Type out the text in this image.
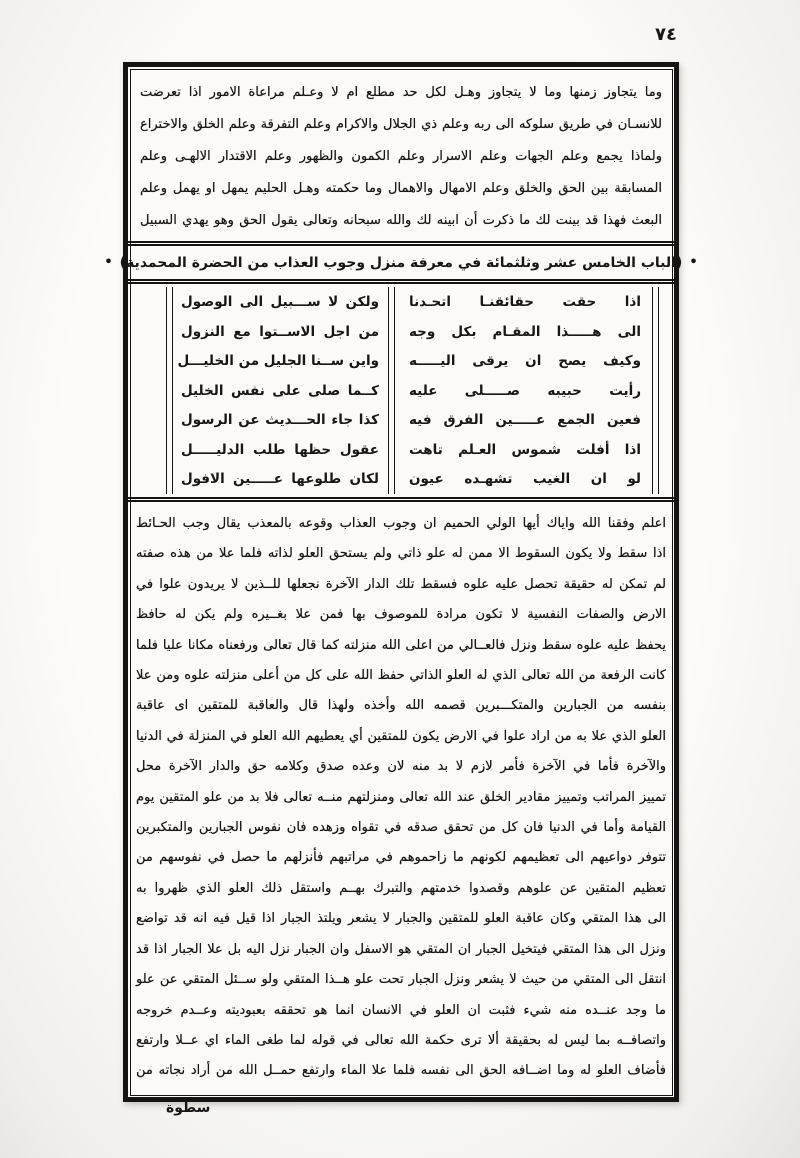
٧٤
وما يتجاوز زمنها وما لا يتجاوز وهـل لكل حد مطلع ام لا وعـلم مراعاة الامور اذا تعرضت
للانسـان في طريق سلوكه الى ربه وعلم ذي الجلال والاكرام وعلم التفرقة وعلم الخلق والاختراع
ولماذا يجمع وعلم الجهات وعلم الاسرار وعلم الكمون والظهور وعلم الاقتدار الالهـى وعلم
المسابقة بين الحق والخلق وعلم الامهال والاهمال وما حكمته وهـل الحليم يمهل او يهمل وعلم
البعث فهذا قد بينت لك ما ذكرت أن ابينه لك والله سبحانه وتعالى يقول الحق وهو يهدي السبيل
•
(الباب الخامس عشر وثلثمائة في معرفة منزل وجوب العذاب من الحضرة المحمدية)
•
اذا حقت حقائقنـا اتحـدنا
الى هـــــذا المقـام بكل وجه
وكيف يصح ان يرقى اليـــــه
رأيت حبيبه صـــــلى عليه
فعين الجمع عـــــين الفرق فيه
اذا أفلت شموس العـلم تاهت
لو ان الغيب تشهـده عيون
ولكن لا ســـبيل الى الوصول
من اجل الاســتوا مع النزول
واين ســنا الجليل من الخليـــل
كــما صلى على نفس الخليل
كذا جاء الحـــديث عن الرسول
عقول حظها طلب الدليـــــل
لكان طلوعها عـــــين الافول
اعلم وفقنا الله واياك أيها الولي الحميم ان وجوب العذاب وقوعه بالمعذب يقال وجب الحـائط
اذا سقط ولا يكون السقوط الا ممن له علو ذاتي ولم يستحق العلو لذاته فلما علا من هذه صفته
لم تمكن له حقيقة تحصل عليه علوه فسقط تلك الدار الآخرة نجعلها للــذين لا يريدون علوا في
الارض والصفات النفسية لا تكون مرادة للموصوف بها فمن علا بغــيره ولم يكن له حافظ
يحفظ عليه علوه سقط ونزل فالعــالي من اعلى الله منزلته كما قال تعالى ورفعناه مكانا عليا فلما
كانت الرفعة من الله تعالى الذي له العلو الذاتي حفظ الله على كل من أعلى منزلته علوه ومن علا
بنفسه من الجبارين والمتكـــبرين قصمه الله وأخذه ولهذا قال والعاقبة للمتقين اى عاقبة
العلو الذي علا به من اراد علوا في الارض يكون للمتقين أي يعطيهم الله العلو في المنزلة في الدنيا
والآخرة فأما في الآخرة فأمر لازم لا بد منه لان وعده صدق وكلامه حق والدار الآخرة محل
تمييز المراتب وتمييز مقادير الخلق عند الله تعالى ومنزلتهم منــه تعالى فلا بد من علو المتقين يوم
القيامة وأما في الدنيا فان كل من تحقق صدقه في تقواه وزهده فان نفوس الجبارين والمتكبرين
تتوفر دواعيهم الى تعظيمهم لكونهم ما زاحموهم في مراتبهم فأنزلهم ما حصل في نفوسهم من
تعظيم المتقين عن علوهم وقصدوا خدمتهم والتبرك بهــم واستقل ذلك العلو الذي ظهروا به
الى هذا المتقي وكان عاقبة العلو للمتقين والجبار لا يشعر ويلتذ الجبار اذا قيل فيه انه قد تواضع
ونزل الى هذا المتقي فيتخيل الجبار ان المتقي هو الاسفل وان الجبار نزل اليه بل علا الجبار اذا قد
انتقل الى المتقي من حيث لا يشعر ونزل الجبار تحت علو هــذا المتقي ولو ســئل المتقي عن علو
ما وجد عنــده منه شيء فثبت ان العلو في الانسان انما هو تحققه بعبوديته وعــدم خروجه
واتصافــه بما ليس له بحقيقة ألا ترى حكمة الله تعالى في قوله لما طغى الماء اي عــلا وارتفع
فأضاف العلو له وما اضــافه الحق الى نفسه فلما علا الماء وارتفع حمــل الله من أراد نجاته من
سطوة
